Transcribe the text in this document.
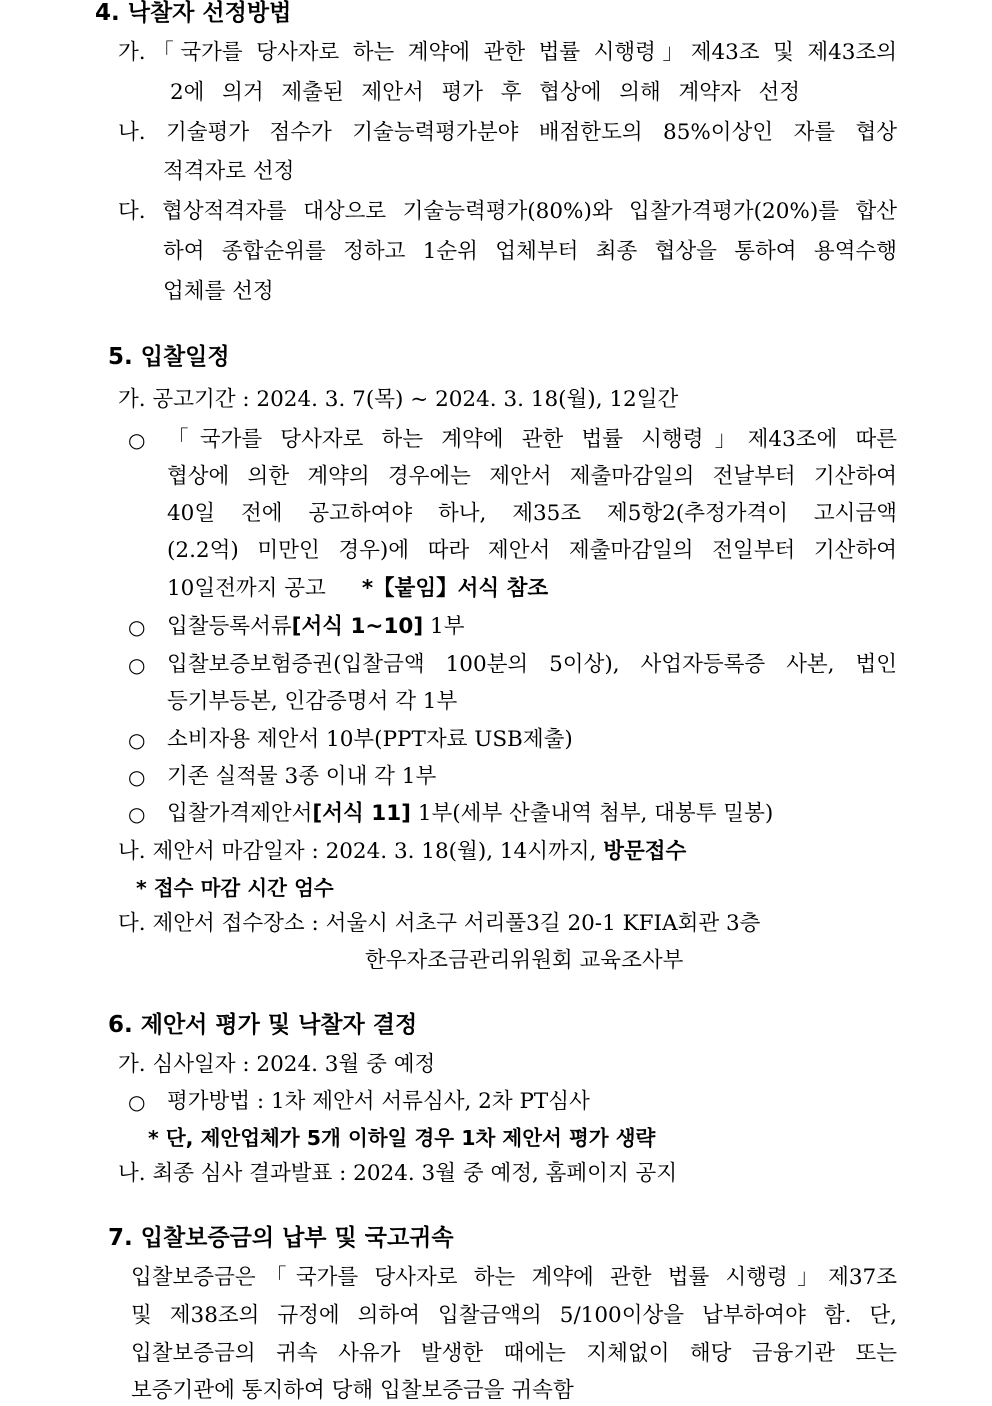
4. 낙찰자 선정방법
가.「국가를 당사자로 하는 계약에 관한 법률 시행령」제43조 및 제43조의
2에 의거 제출된 제안서 평가 후 협상에 의해 계약자 선정
나. 기술평가 점수가 기술능력평가분야 배점한도의 85%이상인 자를 협상
적격자로 선정
다. 협상적격자를 대상으로 기술능력평가(80%)와 입찰가격평가(20%)를 합산
하여 종합순위를 정하고 1순위 업체부터 최종 협상을 통하여 용역수행
업체를 선정
5. 입찰일정
가. 공고기간 : 2024. 3. 7(목) ~ 2024. 3. 18(월), 12일간
○ 「국가를 당사자로 하는 계약에 관한 법률 시행령」제43조에 따른
협상에 의한 계약의 경우에는 제안서 제출마감일의 전날부터 기산하여
40일 전에 공고하여야 하나, 제35조 제5항2(추정가격이 고시금액
(2.2억) 미만인 경우)에 따라 제안서 제출마감일의 전일부터 기산하여
10일전까지 공고 *【붙임】서식 참조
○ 입찰등록서류[서식 1~10] 1부
○ 입찰보증보험증권(입찰금액 100분의 5이상), 사업자등록증 사본, 법인
등기부등본, 인감증명서 각 1부
○ 소비자용 제안서 10부(PPT자료 USB제출)
○ 기존 실적물 3종 이내 각 1부
○ 입찰가격제안서[서식 11] 1부(세부 산출내역 첨부, 대봉투 밀봉)
나. 제안서 마감일자 : 2024. 3. 18(월), 14시까지, 방문접수
* 접수 마감 시간 엄수
다. 제안서 접수장소 : 서울시 서초구 서리풀3길 20-1 KFIA회관 3층
한우자조금관리위원회 교육조사부
6. 제안서 평가 및 낙찰자 결정
가. 심사일자 : 2024. 3월 중 예정
○ 평가방법 : 1차 제안서 서류심사, 2차 PT심사
* 단, 제안업체가 5개 이하일 경우 1차 제안서 평가 생략
나. 최종 심사 결과발표 : 2024. 3월 중 예정, 홈페이지 공지
7. 입찰보증금의 납부 및 국고귀속
입찰보증금은「국가를 당사자로 하는 계약에 관한 법률 시행령」제37조
및 제38조의 규정에 의하여 입찰금액의 5/100이상을 납부하여야 함. 단,
입찰보증금의 귀속 사유가 발생한 때에는 지체없이 해당 금융기관 또는
보증기관에 통지하여 당해 입찰보증금을 귀속함
